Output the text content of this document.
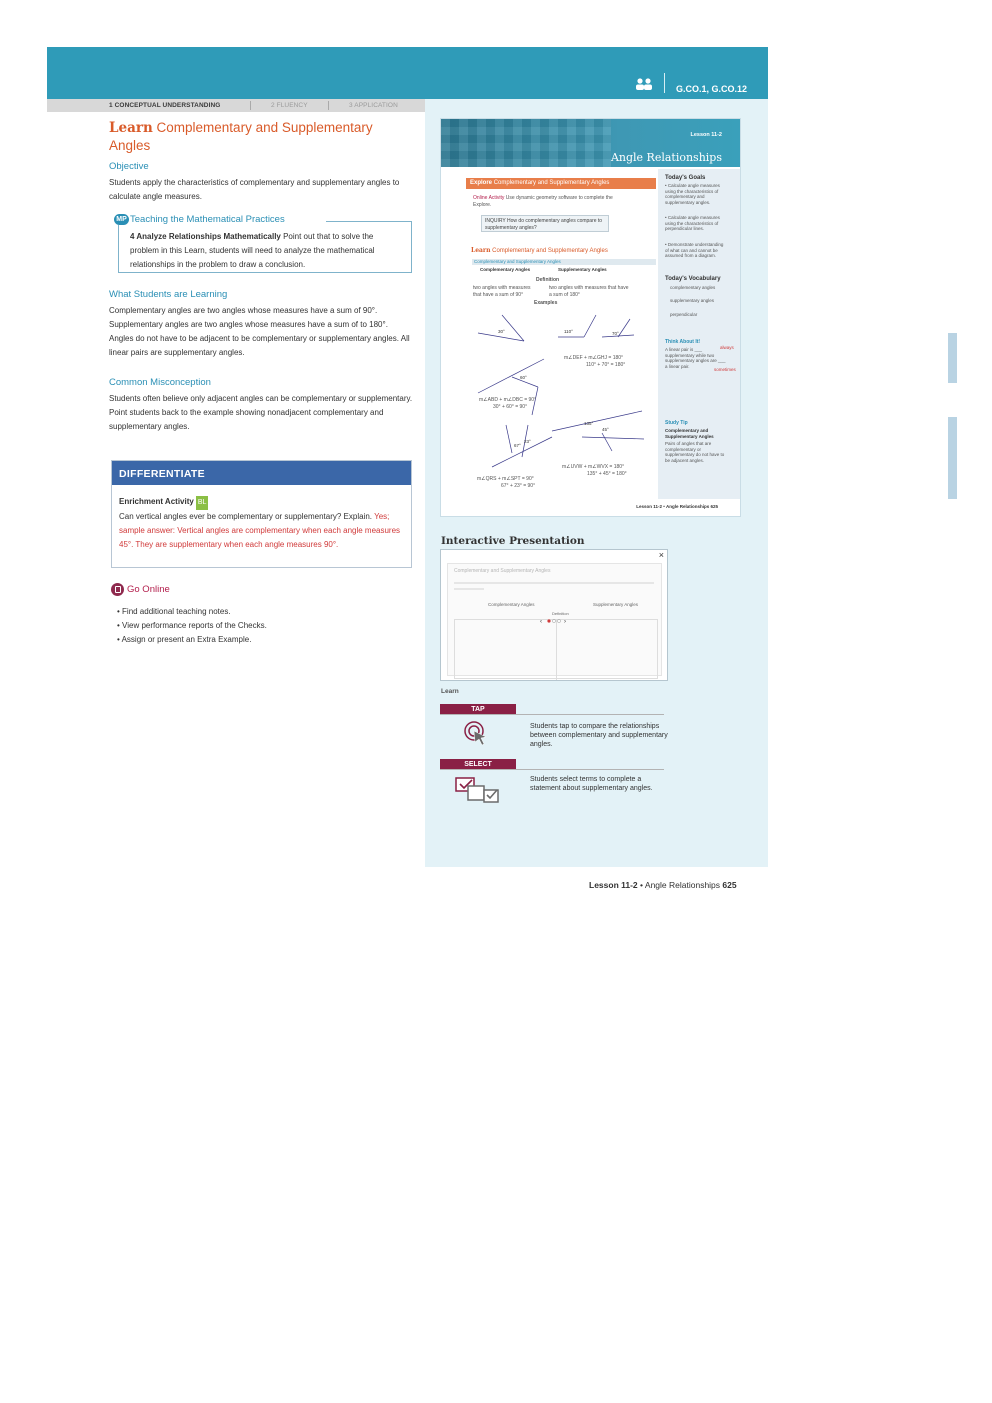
G.CO.1, G.CO.12
1 CONCEPTUAL UNDERSTANDING	2 FLUENCY	3 APPLICATION
Learn Complementary and Supplementary Angles
Objective
Students apply the characteristics of complementary and supplementary angles to calculate angle measures.
4 Analyze Relationships Mathematically Point out that to solve the problem in this Learn, students will need to analyze the mathematical relationships in the problem to draw a conclusion.
MP Teaching the Mathematical Practices
What Students are Learning
Complementary angles are two angles whose measures have a sum of 90°. Supplementary angles are two angles whose measures have a sum of to 180°. Angles do not have to be adjacent to be complementary or supplementary angles. All linear pairs are supplementary angles.
Common Misconception
Students often believe only adjacent angles can be complementary or supplementary. Point students back to the example showing nonadjacent complementary and supplementary angles.
DIFFERENTIATE
Enrichment Activity BL
Can vertical angles ever be complementary or supplementary? Explain. Yes; sample answer: Vertical angles are complementary when each angle measures 45°. They are supplementary when each angle measures 90°.
Go Online
• Find additional teaching notes.
• View performance reports of the Checks.
• Assign or present an Extra Example.
Lesson 11-2
Angle Relationships
Explore Complementary and Supplementary Angles
Online Activity Use dynamic geometry software to complete the Explore.
INQUIRY How do complementary angles compare to supplementary angles?
Learn Complementary and Supplementary Angles
Complementary and Supplementary Angles
Complementary Angles	Supplementary Angles
Definition
two angles with measures that have a sum of 90°
two angles with measures that have a sum of 180°
Examples
30°	110°	70°
60°
67°
23°
135°
45°
m∠DEF + m∠GHJ = 180°
110° + 70° = 180°
m∠ABD + m∠DBC = 90°
30° + 60° = 90°
m∠UVW + m∠WVX = 180°
135° + 45° = 180°
m∠QRS + m∠SPT = 90°
67° + 23° = 90°
Today's Goals
• Calculate angle measures using the characteristics of complementary and supplementary angles.
• Calculate angle measures using the characteristics of perpendicular lines.
• Demonstrate understanding of what can and cannot be assumed from a diagram.
Today's Vocabulary
complementary angles
supplementary angles
perpendicular
Think About It!
A linear pair is ___ supplementary while two supplementary angles are ___ a linear pair.
always
sometimes
Study Tip
Complementary and Supplementary Angles
Pairs of angles that are complementary or supplementary do not have to be adjacent angles.
Lesson 11-2 • Angle Relationships 625
Interactive Presentation
×
Complementary and Supplementary Angles
Complementary Angles	Supplementary Angles
Definition
‹	›
Learn
TAP
Students tap to compare the relationships between complementary and supplementary angles.
SELECT
Students select terms to complete a statement about supplementary angles.
Lesson 11-2 • Angle Relationships 625
